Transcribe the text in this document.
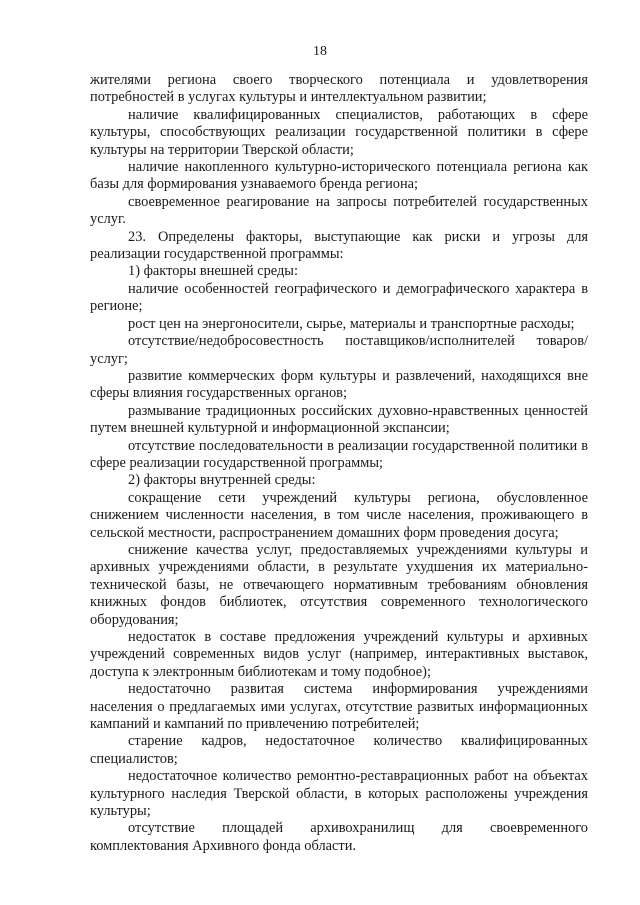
18

жителями региона своего творческого потенциала и удовлетворения потребностей в услугах культуры и интеллектуальном развитии;

наличие квалифицированных специалистов, работающих в сфере культуры, способствующих реализации государственной политики в сфере культуры на территории Тверской области;

наличие накопленного культурно-исторического потенциала региона как базы для формирования узнаваемого бренда региона;

своевременное реагирование на запросы потребителей государственных услуг.

23. Определены факторы, выступающие как риски и угрозы для реализации государственной программы:

1) факторы внешней среды:

наличие особенностей географического и демографического характера в регионе;

рост цен на энергоносители, сырье, материалы и транспортные расходы;

отсутствие/недобросовестность поставщиков/исполнителей товаров/услуг;

развитие коммерческих форм культуры и развлечений, находящихся вне сферы влияния государственных органов;

размывание традиционных российских духовно-нравственных ценностей путем внешней культурной и информационной экспансии;

отсутствие последовательности в реализации государственной политики в сфере реализации государственной программы;

2) факторы внутренней среды:

сокращение сети учреждений культуры региона, обусловленное снижением численности населения, в том числе населения, проживающего в сельской местности, распространением домашних форм проведения досуга;

снижение качества услуг, предоставляемых учреждениями культуры и архивных учреждениями области, в результате ухудшения их материально-технической базы, не отвечающего нормативным требованиям обновления книжных фондов библиотек, отсутствия современного технологического оборудования;

недостаток в составе предложения учреждений культуры и архивных учреждений современных видов услуг (например, интерактивных выставок, доступа к электронным библиотекам и тому подобное);

недостаточно развитая система информирования учреждениями населения о предлагаемых ими услугах, отсутствие развитых информационных кампаний и кампаний по привлечению потребителей;

старение кадров, недостаточное количество квалифицированных специалистов;

недостаточное количество ремонтно-реставрационных работ на объектах культурного наследия Тверской области, в которых расположены учреждения культуры;

отсутствие площадей архивохранилищ для своевременного комплектования Архивного фонда области.
